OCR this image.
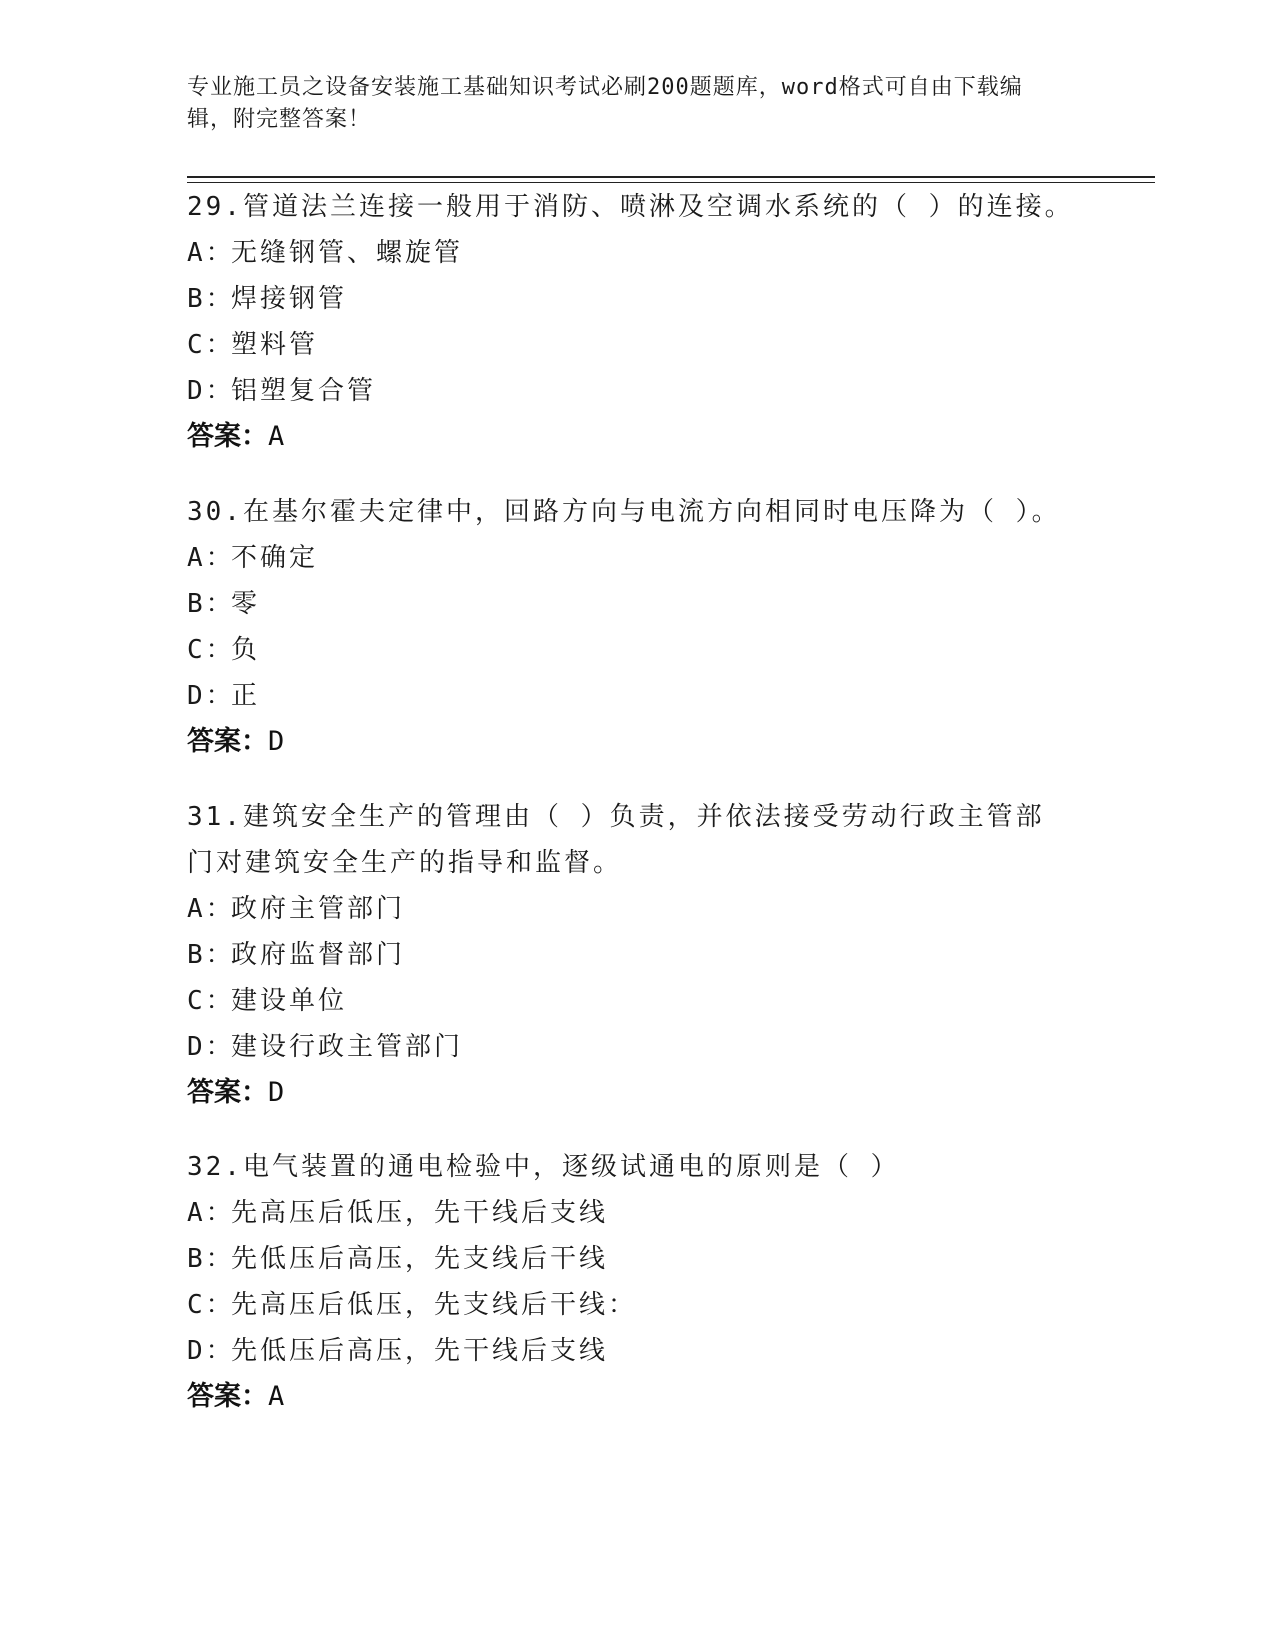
专业施工员之设备安装施工基础知识考试必刷200题题库，word格式可自由下载编辑，附完整答案！

29.管道法兰连接一般用于消防、喷淋及空调水系统的（ ）的连接。

A：
无缝钢管、螺旋管

B：
焊接钢管

C：
塑料管

D：
铝塑复合管

答案：A

30.在基尔霍夫定律中，回路方向与电流方向相同时电压降为（ ）。

A：
不确定

B：
零

C：
负

D：
正

答案：D

31.建筑安全生产的管理由（ ）负责，并依法接受劳动行政主管部门对建筑安全生产的指导和监督。

A：
政府主管部门

B：
政府监督部门

C：
建设单位

D：
建设行政主管部门

答案：D

32.电气装置的通电检验中，逐级试通电的原则是（ ）

A：
先高压后低压，先干线后支线

B：
先低压后高压，先支线后干线

C：
先高压后低压，先支线后干线：

D：
先低压后高压，先干线后支线

答案：A
